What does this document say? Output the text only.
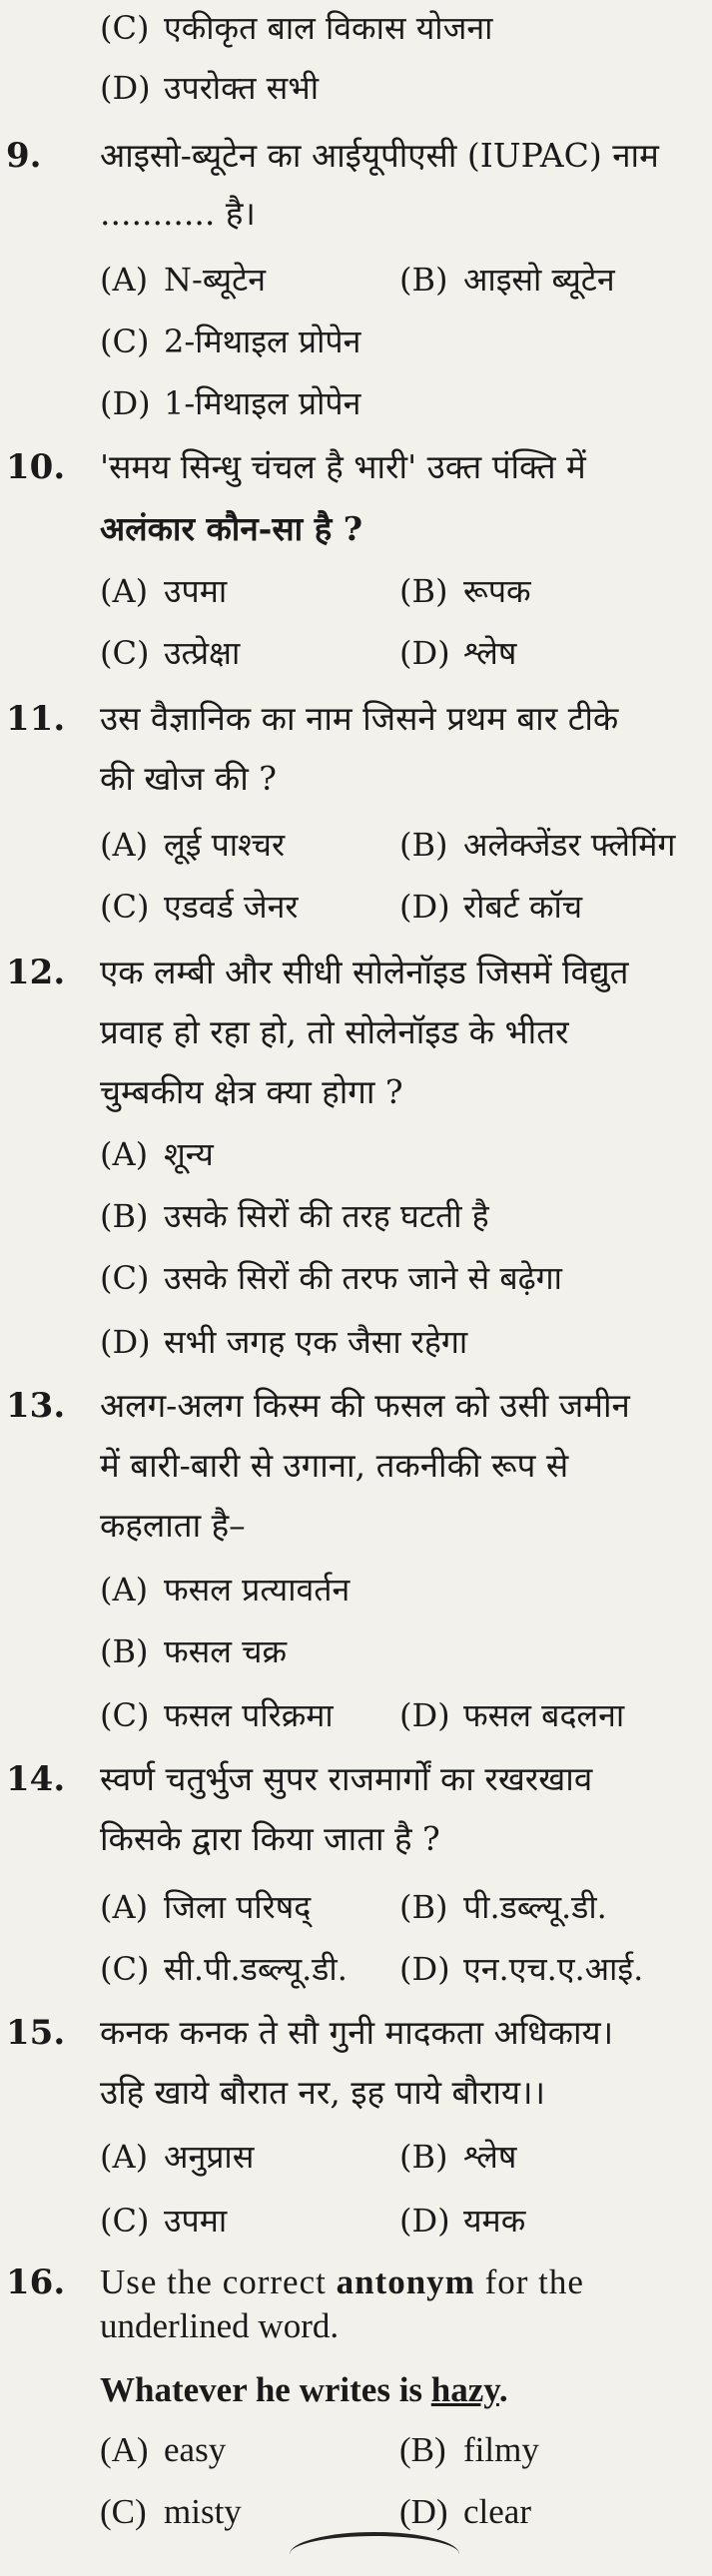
(C) एकीकृत बाल विकास योजना
(D) उपरोक्त सभी
9. आइसो-ब्यूटेन का आईयूपीएसी (IUPAC) नाम
........... है।
(A) N-ब्यूटेन	(B) आइसो ब्यूटेन
(C) 2-मिथाइल प्रोपेन
(D) 1-मिथाइल प्रोपेन
10. 'समय सिन्धु चंचल है भारी' उक्त पंक्ति में
अलंकार कौन-सा है ?
(A) उपमा	(B) रूपक
(C) उत्प्रेक्षा	(D) श्लेष
11. उस वैज्ञानिक का नाम जिसने प्रथम बार टीके
की खोज की ?
(A) लूई पाश्चर	(B) अलेक्जेंडर फ्लेमिंग
(C) एडवर्ड जेनर	(D) रोबर्ट कॉच
12. एक लम्बी और सीधी सोलेनॉइड जिसमें विद्युत
प्रवाह हो रहा हो, तो सोलेनॉइड के भीतर
चुम्बकीय क्षेत्र क्या होगा ?
(A) शून्य
(B) उसके सिरों की तरह घटती है
(C) उसके सिरों की तरफ जाने से बढ़ेगा
(D) सभी जगह एक जैसा रहेगा
13. अलग-अलग किस्म की फसल को उसी जमीन
में बारी-बारी से उगाना, तकनीकी रूप से
कहलाता है–
(A) फसल प्रत्यावर्तन
(B) फसल चक्र
(C) फसल परिक्रमा (D) फसल बदलना
14. स्वर्ण चतुर्भुज सुपर राजमार्गों का रखरखाव
किसके द्वारा किया जाता है ?
(A) जिला परिषद्	(B) पी.डब्ल्यू.डी.
(C) सी.पी.डब्ल्यू.डी. (D) एन.एच.ए.आई.
15. कनक कनक ते सौ गुनी मादकता अधिकाय।
उहि खाये बौरात नर, इह पाये बौराय।।
(A) अनुप्रास	(B) श्लेष
(C) उपमा	(D) यमक
16. Use the correct antonym for the
underlined word.
Whatever he writes is hazy.
(A) easy	(B) filmy
(C) misty	(D) clear
